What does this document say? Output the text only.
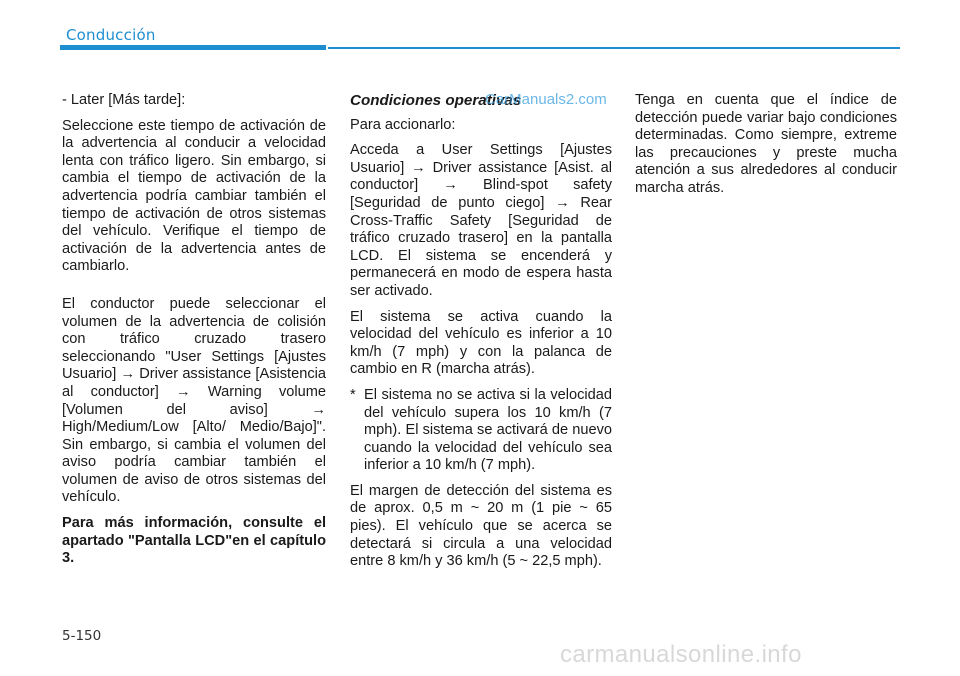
Conducción

- Later [Más tarde]:

Seleccione este tiempo de activación de la advertencia al conducir a velocidad lenta con tráfico ligero. Sin embargo, si cambia el tiempo de activación de la advertencia podría cambiar también el tiempo de activación de otros sistemas del vehículo. Verifique el tiempo de activación de la advertencia antes de cambiarlo.

El conductor puede seleccionar el volumen de la advertencia de colisión con tráfico cruzado trasero seleccionando "User Settings [Ajustes Usuario] → Driver assistance [Asistencia al conductor] → Warning volume [Volumen del aviso] → High/Medium/Low [Alto/ Medio/Bajo]". Sin embargo, si cambia el volumen del aviso podría cambiar también el volumen de aviso de otros sistemas del vehículo.

Para más información, consulte el apartado "Pantalla LCD"en el capítulo 3.

Condiciones operativas

Para accionarlo:

Acceda a User Settings [Ajustes Usuario] → Driver assistance [Asist. al conductor] → Blind-spot safety [Seguridad de punto ciego] → Rear Cross-Traffic Safety [Seguridad de tráfico cruzado trasero] en la pantalla LCD. El sistema se encenderá y permanecerá en modo de espera hasta ser activado.

El sistema se activa cuando la velocidad del vehículo es inferior a 10 km/h (7 mph) y con la palanca de cambio en R (marcha atrás).

* El sistema no se activa si la velocidad del vehículo supera los 10 km/h (7 mph). El sistema se activará de nuevo cuando la velocidad del vehículo sea inferior a 10 km/h (7 mph).

El margen de detección del sistema es de aprox. 0,5 m ~ 20 m (1 pie ~ 65 pies). El vehículo que se acerca se detectará si circula a una velocidad entre 8 km/h y 36 km/h (5 ~ 22,5 mph).

Tenga en cuenta que el índice de detección puede variar bajo condiciones determinadas. Como siempre, extreme las precauciones y preste mucha atención a sus alrededores al conducir marcha atrás.

CarManuals2.com
5-150
carmanualsonline.info
